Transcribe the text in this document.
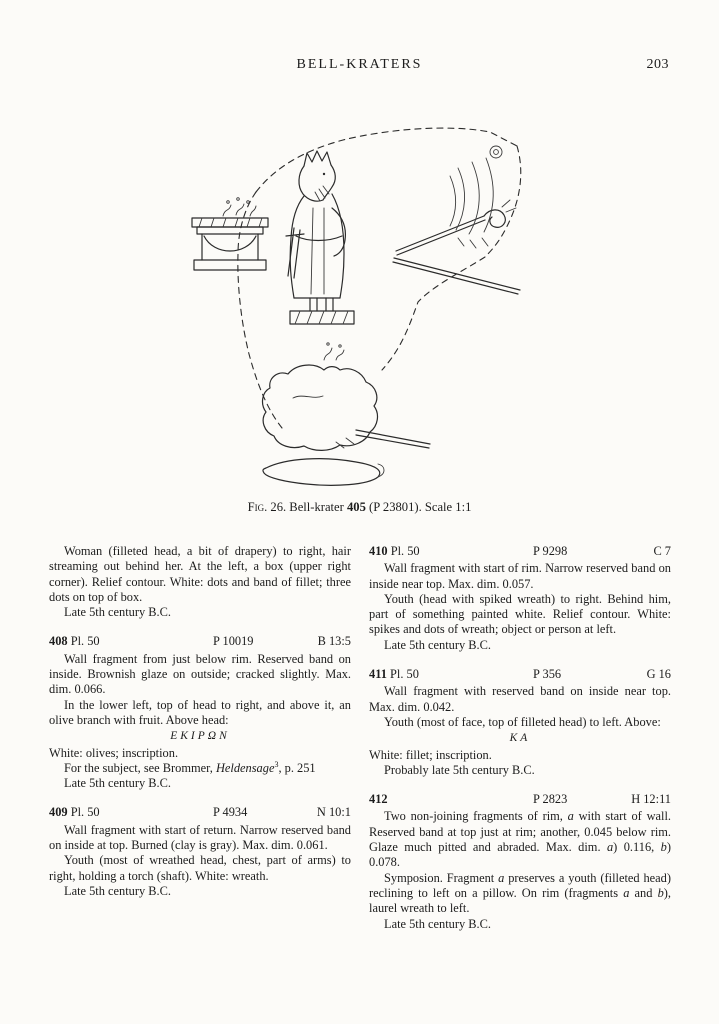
BELL-KRATERS	203

Fig. 26. Bell-krater 405 (P 23801). Scale 1:1

Woman (filleted head, a bit of drapery) to right, hair streaming out behind her. At the left, a box (upper right corner). Relief contour. White: dots and band of fillet; three dots on top of box.

Late 5th century B.C.

408 Pl. 50	P 10019	B 13:5

Wall fragment from just below rim. Reserved band on inside. Brownish glaze on outside; cracked slightly. Max. dim. 0.066.

In the lower left, top of head to right, and above it, an olive branch with fruit. Above head:

ΕΚΙΡΩΝ

White: olives; inscription.

For the subject, see Brommer, Heldensage$^3$, p. 251

Late 5th century B.C.

409 Pl. 50	P 4934	N 10:1

Wall fragment with start of return. Narrow reserved band on inside at top. Burned (clay is gray). Max. dim. 0.061.

Youth (most of wreathed head, chest, part of arms) to right, holding a torch (shaft). White: wreath.

Late 5th century B.C.

410 Pl. 50	P 9298	C 7

Wall fragment with start of rim. Narrow reserved band on inside near top. Max. dim. 0.057.

Youth (head with spiked wreath) to right. Behind him, part of something painted white. Relief contour. White: spikes and dots of wreath; object or person at left.

Late 5th century B.C.

411 Pl. 50	P 356	G 16

Wall fragment with reserved band on inside near top. Max. dim. 0.042.

Youth (most of face, top of filleted head) to left. Above:

ΚΑ

White: fillet; inscription.

Probably late 5th century B.C.

412	P 2823	H 12:11

Two non-joining fragments of rim, a with start of wall. Reserved band at top just at rim; another, 0.045 below rim. Glaze much pitted and abraded. Max. dim. a) 0.116, b) 0.078.

Symposion. Fragment a preserves a youth (filleted head) reclining to left on a pillow. On rim (fragments a and b), laurel wreath to left.

Late 5th century B.C.
